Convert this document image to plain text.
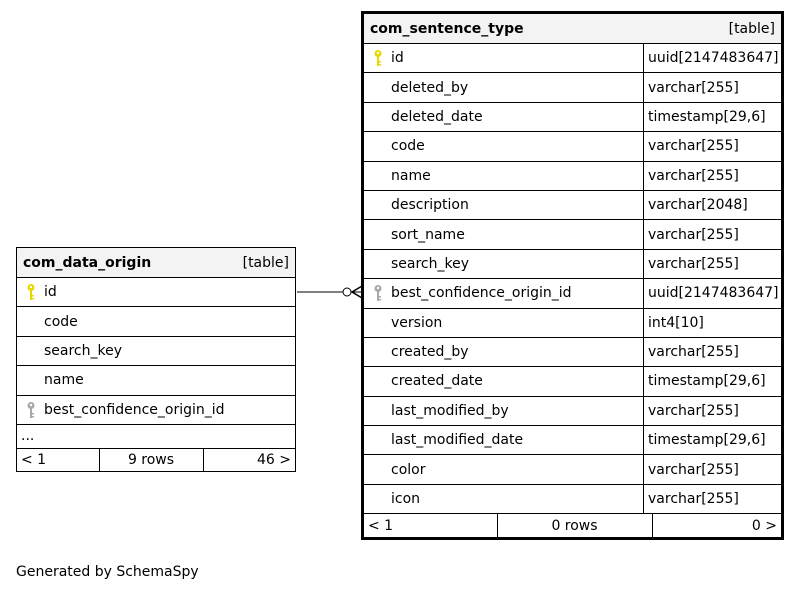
com_data_origin	[table]
id
code
search_key
name
best_confidence_origin_id
...
< 1	9 rows	46 >
com_sentence_type	[table]
id	uuid[2147483647]
deleted_by	varchar[255]
deleted_date	timestamp[29,6]
code	varchar[255]
name	varchar[255]
description	varchar[2048]
sort_name	varchar[255]
search_key	varchar[255]
best_confidence_origin_id	uuid[2147483647]
version	int4[10]
created_by	varchar[255]
created_date	timestamp[29,6]
last_modified_by	varchar[255]
last_modified_date	timestamp[29,6]
color	varchar[255]
icon	varchar[255]
< 1	0 rows	0 >
Generated by SchemaSpy
